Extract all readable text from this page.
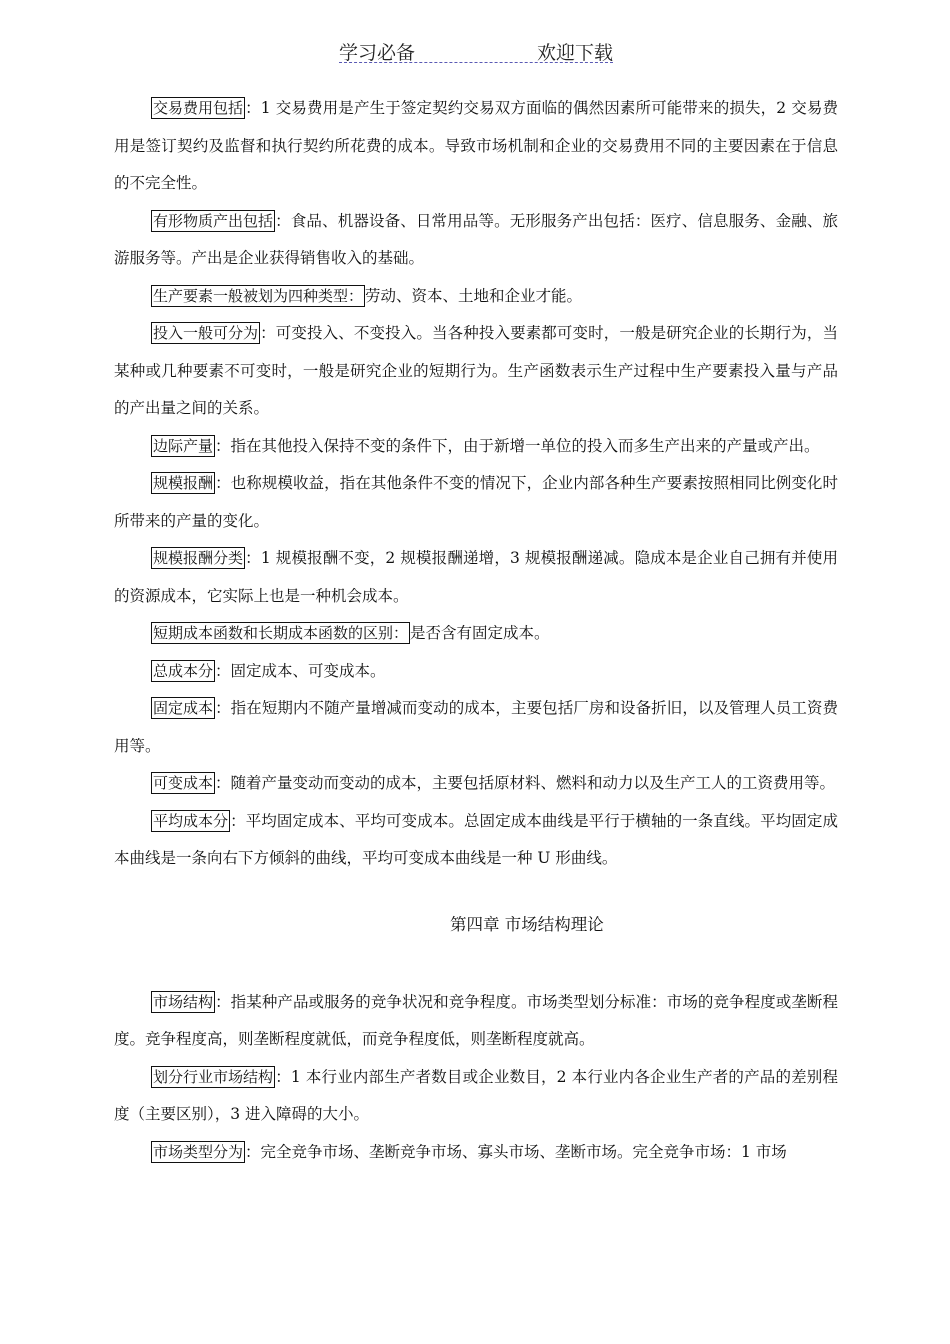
学习必备	欢迎下载

交易费用包括 ：1 交易费用是产生于签定契约交易双方面临的偶然因素所可能带来的损失，2 交易费用是签订契约及监督和执行契约所花费的成本。导致市场机制和企业的交易费用不同的主要因素在于信息的不完全性。

有形物质产出包括 ：食品、机器设备、日常用品等。无形服务产出包括：医疗、信息服务、金融、旅游服务等。产出是企业获得销售收入的基础。

生产要素一般被划为四种类型： 劳动、资本、土地和企业才能。

投入一般可分为 ：可变投入、不变投入。当各种投入要素都可变时，一般是研究企业的长期行为，当某种或几种要素不可变时，一般是研究企业的短期行为。生产函数表示生产过程中生产要素投入量与产品的产出量之间的关系。

边际产量 ：指在其他投入保持不变的条件下，由于新增一单位的投入而多生产出来的产量或产出。

规模报酬 ：也称规模收益，指在其他条件不变的情况下，企业内部各种生产要素按照相同比例变化时所带来的产量的变化。

规模报酬分类 ：1 规模报酬不变，2 规模报酬递增，3 规模报酬递减。隐成本是企业自己拥有并使用的资源成本，它实际上也是一种机会成本。

短期成本函数和长期成本函数的区别： 是否含有固定成本。

总成本分 ：固定成本、可变成本。

固定成本 ：指在短期内不随产量增减而变动的成本，主要包括厂房和设备折旧，以及管理人员工资费用等。

可变成本 ：随着产量变动而变动的成本，主要包括原材料、燃料和动力以及生产工人的工资费用等。

平均成本分 ：平均固定成本、平均可变成本。总固定成本曲线是平行于横轴的一条直线。平均固定成本曲线是一条向右下方倾斜的曲线，平均可变成本曲线是一种 U 形曲线。

第四章 市场结构理论

市场结构 ：指某种产品或服务的竞争状况和竞争程度。市场类型划分标准：市场的竞争程度或垄断程度。竞争程度高，则垄断程度就低，而竞争程度低，则垄断程度就高。

划分行业市场结构 ：1 本行业内部生产者数目或企业数目，2 本行业内各企业生产者的产品的差别程度（主要区别），3 进入障碍的大小。

市场类型分为 ：完全竞争市场、垄断竞争市场、寡头市场、垄断市场。完全竞争市场：1 市场
